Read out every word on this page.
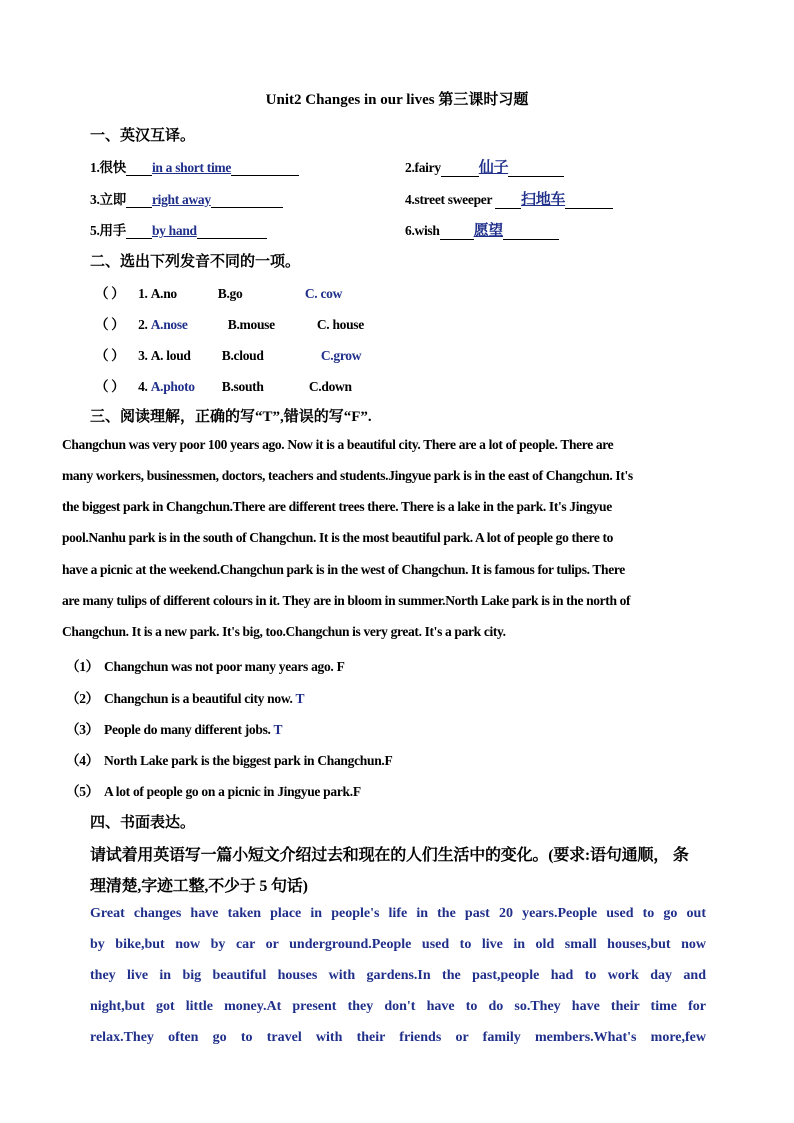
Unit2 Changes in our lives 第三课时习题
一、英汉互译。
1.很快 in a short time	2.fairy	仙子
3.立即 right away	4.street sweeper 扫地车
5.用手 by hand	6.wish 愿望
二、选出下列发音不同的一项。
（ ） 1. A.no	B.go	C. cow
（ ） 2. A.nose	B.mouse	C. house
（ ） 3. A. loud B.cloud	C.grow
（ ） 4. A.photo B.south	C.down
三、阅读理解，正确的写“T”,错误的写“F”.
Changchun was very poor 100 years ago. Now it is a beautiful city. There are a lot of people. There are
many workers, businessmen, doctors, teachers and students.Jingyue park is in the east of Changchun. It's
the biggest park in Changchun.There are different trees there. There is a lake in the park. It's Jingyue
pool.Nanhu park is in the south of Changchun. It is the most beautiful park. A lot of people go there to
have a picnic at the weekend.Changchun park is in the west of Changchun. It is famous for tulips. There
are many tulips of different colours in it. They are in bloom in summer.North Lake park is in the north of
Changchun. It is a new park. It's big, too.Changchun is very great. It's a park city.
（1） Changchun was not poor many years ago. F
（2） Changchun is a beautiful city now. T
（3） People do many different jobs. T
（4） North Lake park is the biggest park in Changchun.F
（5） A lot of people go on a picnic in Jingyue park.F
四、书面表达。
请试着用英语写一篇小短文介绍过去和现在的人们生活中的变化。(要求:语句通顺， 条
理清楚,字迹工整,不少于 5 句话)
Great changes have taken place in people's life in the past 20 years.People used to go out
by bike,but now by car or underground.People used to live in old small houses,but now
they live in big beautiful houses with gardens.In the past,people had to work day and
night,but got little money.At present they don't have to do so.They have their time for
relax.They often go to travel with their friends or family members.What's more,few
